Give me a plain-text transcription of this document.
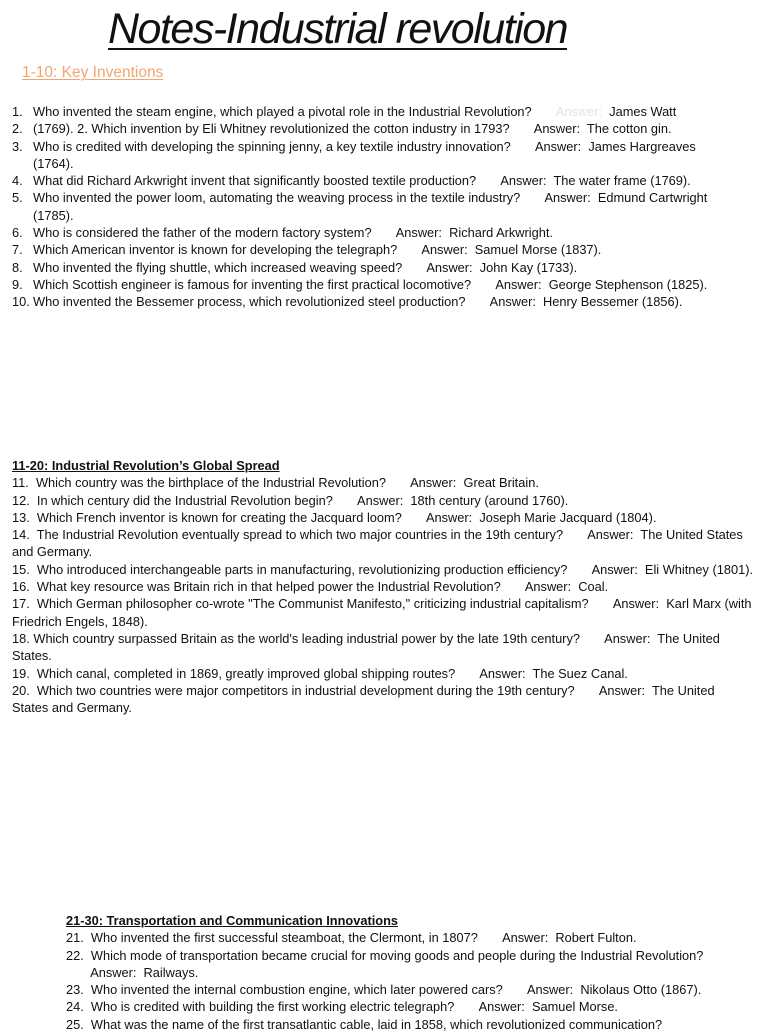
Notes-Industrial revolution
1-10: Key Inventions
1. Who invented the steam engine, which played a pivotal role in the Industrial Revolution? Answer: James Watt
2. (1769). 2. Which invention by Eli Whitney revolutionized the cotton industry in 1793? Answer: The cotton gin.
3. Who is credited with developing the spinning jenny, a key textile industry innovation? Answer: James Hargreaves (1764).
4. What did Richard Arkwright invent that significantly boosted textile production? Answer: The water frame (1769).
5. Who invented the power loom, automating the weaving process in the textile industry? Answer: Edmund Cartwright (1785).
6. Who is considered the father of the modern factory system? Answer: Richard Arkwright.
7. Which American inventor is known for developing the telegraph? Answer: Samuel Morse (1837).
8. Who invented the flying shuttle, which increased weaving speed? Answer: John Kay (1733).
9. Which Scottish engineer is famous for inventing the first practical locomotive? Answer: George Stephenson (1825).
10. Who invented the Bessemer process, which revolutionized steel production? Answer: Henry Bessemer (1856).
11-20: Industrial Revolution’s Global Spread
11. Which country was the birthplace of the Industrial Revolution? Answer: Great Britain.
12. In which century did the Industrial Revolution begin? Answer: 18th century (around 1760).
13. Which French inventor is known for creating the Jacquard loom? Answer: Joseph Marie Jacquard (1804).
14. The Industrial Revolution eventually spread to which two major countries in the 19th century? Answer: The United States and Germany.
15. Who introduced interchangeable parts in manufacturing, revolutionizing production efficiency? Answer: Eli Whitney (1801).
16. What key resource was Britain rich in that helped power the Industrial Revolution? Answer: Coal.
17. Which German philosopher co-wrote "The Communist Manifesto," criticizing industrial capitalism? Answer: Karl Marx (with Friedrich Engels, 1848).
18. Which country surpassed Britain as the world's leading industrial power by the late 19th century? Answer: The United States.
19. Which canal, completed in 1869, greatly improved global shipping routes? Answer: The Suez Canal.
20. Which two countries were major competitors in industrial development during the 19th century? Answer: The United States and Germany.
21-30: Transportation and Communication Innovations
21. Who invented the first successful steamboat, the Clermont, in 1807? Answer: Robert Fulton.
22. Which mode of transportation became crucial for moving goods and people during the Industrial Revolution?       Answer: Railways.
23. Who invented the internal combustion engine, which later powered cars? Answer: Nikolaus Otto (1867).
24. Who is credited with building the first working electric telegraph? Answer: Samuel Morse.
25. What was the name of the first transatlantic cable, laid in 1858, which revolutionized communication?
